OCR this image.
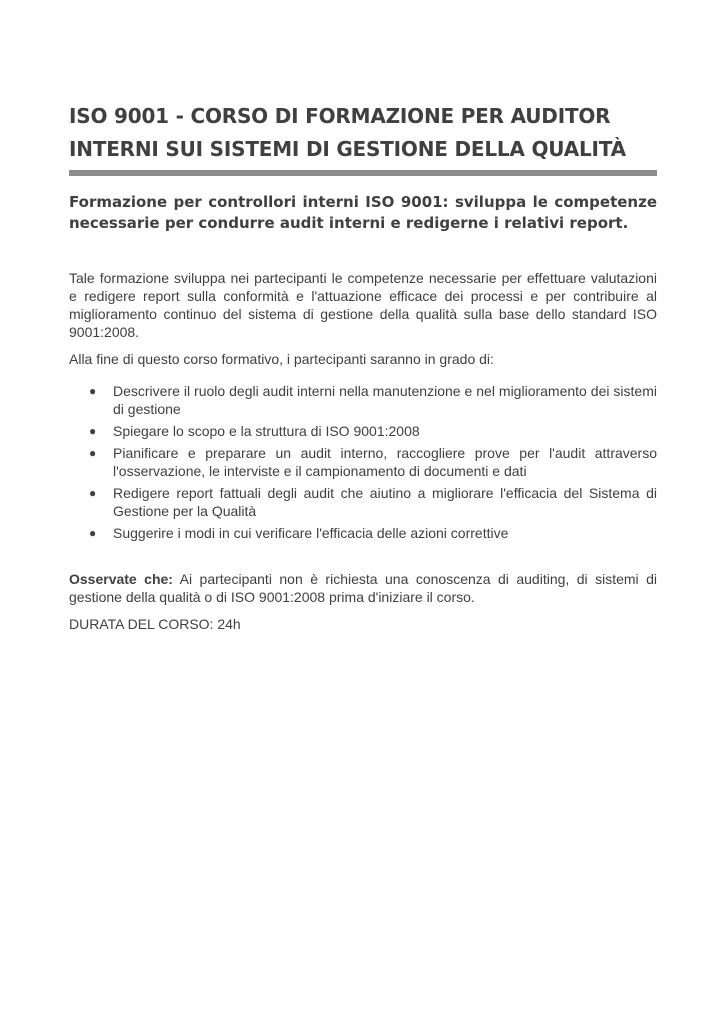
ISO 9001 - CORSO DI FORMAZIONE PER AUDITOR
INTERNI SUI SISTEMI DI GESTIONE DELLA QUALITÀ

Formazione per controllori interni ISO 9001: sviluppa le competenze necessarie per condurre audit interni e redigerne i relativi report.

Tale formazione sviluppa nei partecipanti le competenze necessarie per effettuare valutazioni e redigere report sulla conformità e l'attuazione efficace dei processi e per contribuire al miglioramento continuo del sistema di gestione della qualità sulla base dello standard ISO 9001:2008.

Alla fine di questo corso formativo, i partecipanti saranno in grado di:

● Descrivere il ruolo degli audit interni nella manutenzione e nel miglioramento dei sistemi di gestione
● Spiegare lo scopo e la struttura di ISO 9001:2008
● Pianificare e preparare un audit interno, raccogliere prove per l'audit attraverso l'osservazione, le interviste e il campionamento di documenti e dati
● Redigere report fattuali degli audit che aiutino a migliorare l'efficacia del Sistema di Gestione per la Qualità
● Suggerire i modi in cui verificare l'efficacia delle azioni correttive

Osservate che: Ai partecipanti non è richiesta una conoscenza di auditing, di sistemi di gestione della qualità o di ISO 9001:2008 prima d'iniziare il corso.

DURATA DEL CORSO: 24h
